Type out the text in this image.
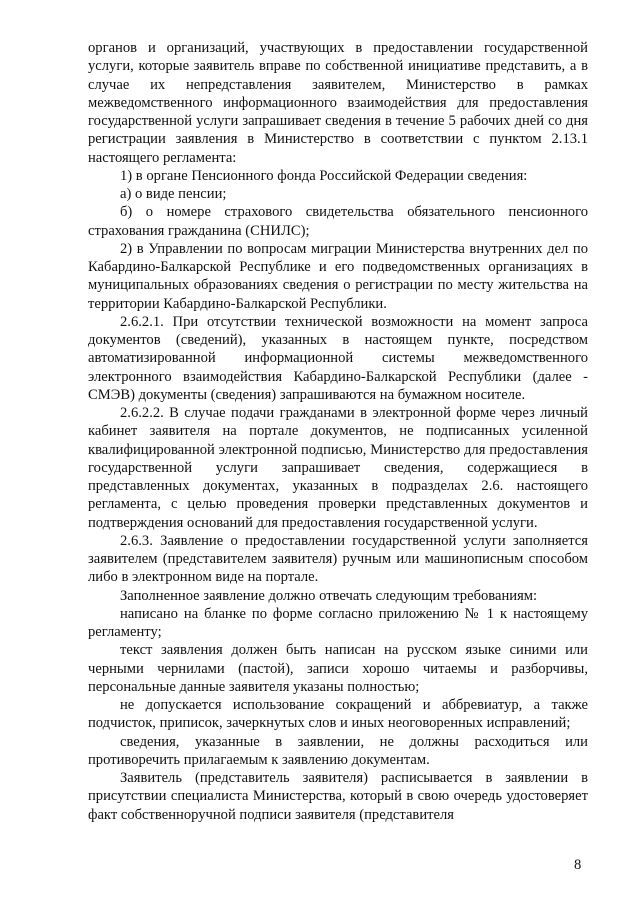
органов и организаций, участвующих в предоставлении государственной услуги, которые заявитель вправе по собственной инициативе представить, а в случае их непредставления заявителем, Министерство в рамках межведомственного информационного взаимодействия для предоставления государственной услуги запрашивает сведения в течение 5 рабочих дней со дня регистрации заявления в Министерство в соответствии с пунктом 2.13.1 настоящего регламента:

1) в органе Пенсионного фонда Российской Федерации сведения:

а) о виде пенсии;

б) о номере страхового свидетельства обязательного пенсионного страхования гражданина (СНИЛС);

2) в Управлении по вопросам миграции Министерства внутренних дел по Кабардино-Балкарской Республике и его подведомственных организациях в муниципальных образованиях сведения о регистрации по месту жительства на территории Кабардино-Балкарской Республики.

2.6.2.1. При отсутствии технической возможности на момент запроса документов (сведений), указанных в настоящем пункте, посредством автоматизированной информационной системы межведомственного электронного взаимодействия Кабардино-Балкарской Республики (далее - СМЭВ) документы (сведения) запрашиваются на бумажном носителе.

2.6.2.2. В случае подачи гражданами в электронной форме через личный кабинет заявителя на портале документов, не подписанных усиленной квалифицированной электронной подписью, Министерство для предоставления государственной услуги запрашивает сведения, содержащиеся в представленных документах, указанных в подразделах 2.6. настоящего регламента, с целью проведения проверки представленных документов и подтверждения оснований для предоставления государственной услуги.

2.6.3. Заявление о предоставлении государственной услуги заполняется заявителем (представителем заявителя) ручным или машинописным способом либо в электронном виде на портале.

Заполненное заявление должно отвечать следующим требованиям:

написано на бланке по форме согласно приложению № 1 к настоящему регламенту;

текст заявления должен быть написан на русском языке синими или черными чернилами (пастой), записи хорошо читаемы и разборчивы, персональные данные заявителя указаны полностью;

не допускается использование сокращений и аббревиатур, а также подчисток, приписок, зачеркнутых слов и иных неоговоренных исправлений;

сведения, указанные в заявлении, не должны расходиться или противоречить прилагаемым к заявлению документам.

Заявитель (представитель заявителя) расписывается в заявлении в присутствии специалиста Министерства, который в свою очередь удостоверяет факт собственноручной подписи заявителя (представителя

8
